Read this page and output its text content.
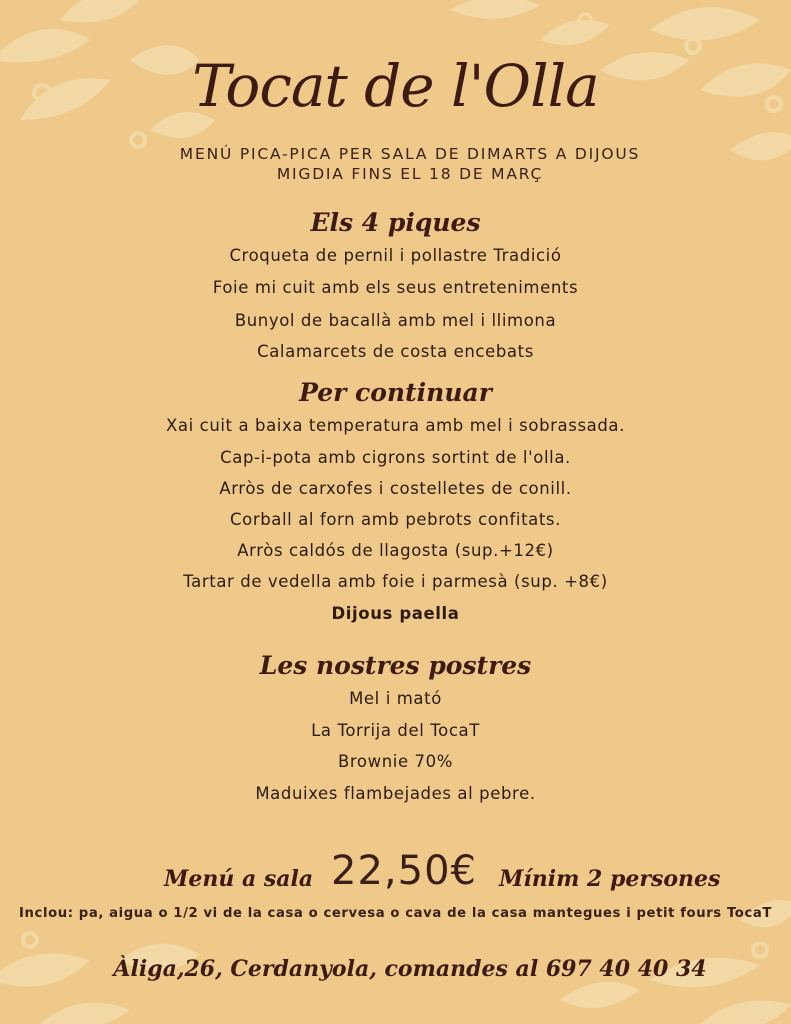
Tocat de l'Olla
MENÚ PICA-PICA PER SALA DE DIMARTS A DIJOUS
MIGDIA FINS EL 18 DE MARÇ
Els 4 piques
Croqueta de pernil i pollastre Tradició
Foie mi cuit amb els seus entreteniments
Bunyol de bacallà amb mel i llimona
Calamarcets de costa encebats
Per continuar
Xai cuit a baixa temperatura amb mel i sobrassada.
Cap-i-pota amb cigrons sortint de l'olla.
Arròs de carxofes i costelletes de conill.
Corball al forn amb pebrots confitats.
Arròs caldós de llagosta (sup.+12€)
Tartar de vedella amb foie i parmesà (sup. +8€)
Dijous paella
Les nostres postres
Mel i mató
La Torrija del TocaT
Brownie 70%
Maduixes flambejades al pebre.
Menú a sala 22,50€ Mínim 2 persones
Inclou: pa, aigua o 1/2 vi de la casa o cervesa o cava de la casa mantegues i petit fours TocaT
Àliga,26, Cerdanyola, comandes al 697 40 40 34
